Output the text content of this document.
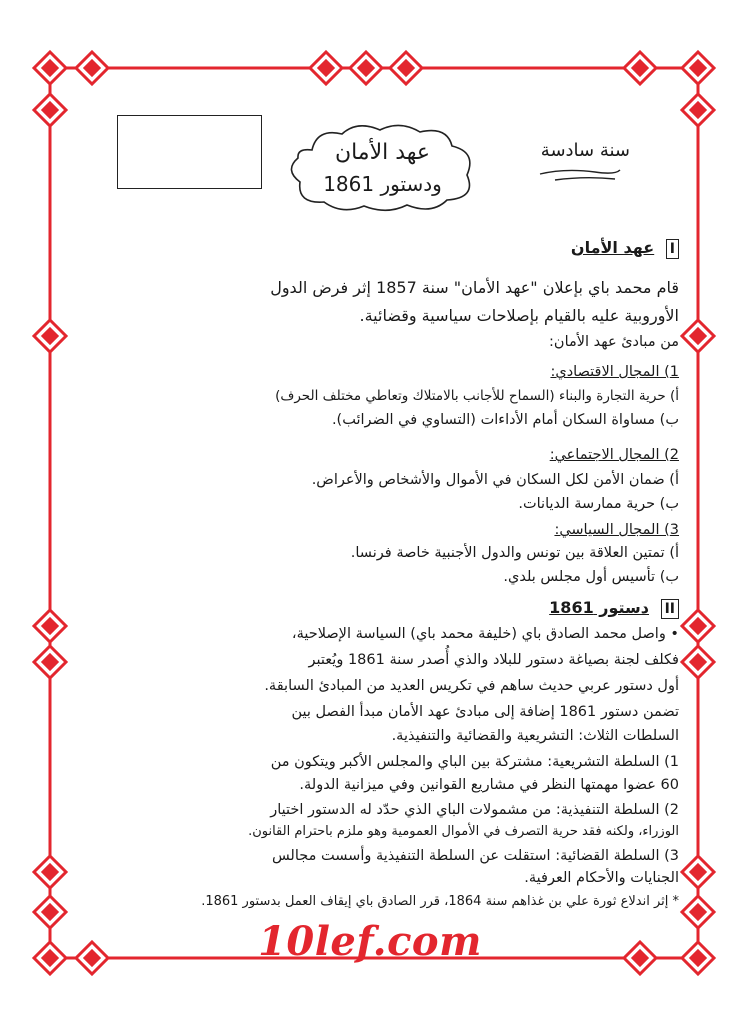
عهد الأمان
ودستور 1861
سنة سادسة
I عهد الأمان
قام محمد باي بإعلان "عهد الأمان" سنة 1857 إثر فرض الدول
الأوروبية عليه بالقيام بإصلاحات سياسية وقضائية.
من مبادئ عهد الأمان:
1) المجال الاقتصادي:
أ) حرية التجارة والبناء (السماح للأجانب بالامتلاك وتعاطي مختلف الحرف)
ب) مساواة السكان أمام الأداءات (التساوي في الضرائب).
2) المجال الاجتماعي:
أ) ضمان الأمن لكل السكان في الأموال والأشخاص والأعراض.
ب) حرية ممارسة الديانات.
3) المجال السياسي:
أ) تمتين العلاقة بين تونس والدول الأجنبية خاصة فرنسا.
ب) تأسيس أول مجلس بلدي.
II دستور 1861
• واصل محمد الصادق باي (خليفة محمد باي) السياسة الإصلاحية،
فكلف لجنة بصياغة دستور للبلاد والذي أُصدر سنة 1861 ويُعتبر
أول دستور عربي حديث ساهم في تكريس العديد من المبادئ السابقة.
تضمن دستور 1861 إضافة إلى مبادئ عهد الأمان مبدأ الفصل بين
السلطات الثلاث: التشريعية والقضائية والتنفيذية.
1) السلطة التشريعية: مشتركة بين الباي والمجلس الأكبر ويتكون من
60 عضوا مهمتها النظر في مشاريع القوانين وفي ميزانية الدولة.
2) السلطة التنفيذية: من مشمولات الباي الذي حدّد له الدستور اختيار
الوزراء، ولكنه فقد حرية التصرف في الأموال العمومية وهو ملزم باحترام القانون.
3) السلطة القضائية: استقلت عن السلطة التنفيذية وأسست مجالس
الجنايات والأحكام العرفية.
* إثر اندلاع ثورة علي بن غذاهم سنة 1864، قرر الصادق باي إيقاف العمل بدستور 1861.
10lef.com
